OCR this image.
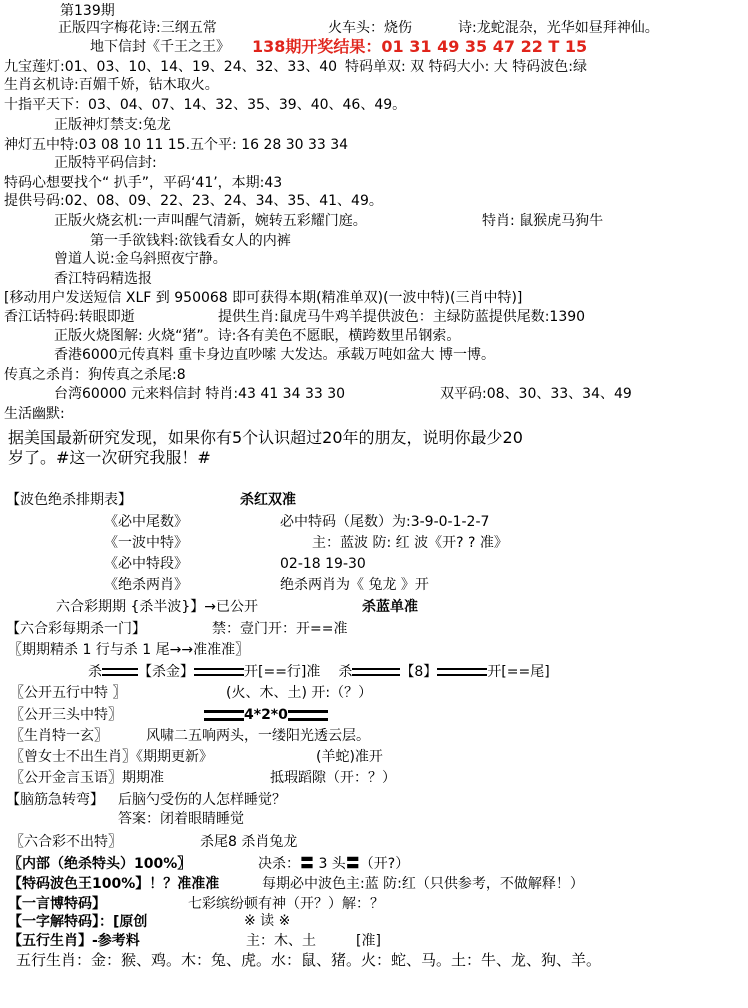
第139期
正版四字梅花诗:三纲五常	火车头：烧伤	诗:龙蛇混杂，光华如昼拜神仙。
地下信封《千王之王》 138期开奖结果：01 31 49 35 47 22 T 15
九宝莲灯:01、03、10、14、19、24、32、33、40 特码单双: 双 特码大小: 大 特码波色:绿
生肖玄机诗:百媚千娇，钻木取火。
十指平天下：03、04、07、14、32、35、39、40、46、49。
正版神灯禁支:兔龙
神灯五中特:03 08 10 11 15.五个平: 16 28 30 33 34
正版特平码信封:
特码心想要找个“ 扒手”，平码‘41’，本期:43
提供号码:02、08、09、22、23、24、34、35、41、49。
正版火烧玄机:一声叫醒气清新，婉转五彩耀门庭。	特肖: 鼠猴虎马狗牛
第一手欲钱料:欲钱看女人的内裤
曾道人说:金乌斜照夜宁静。
香江特码精选报
[移动用户发送短信 XLF 到 950068 即可获得本期(精准单双)(一波中特)(三肖中特)]
香江话特码:转眼即逝	提供生肖:鼠虎马牛鸡羊提供波色：主绿防蓝提供尾数:1390
正版火烧图解: 火烧“猪”。诗:各有美色不愿眠，横跨数里吊钢索。
香港6000元传真料 重卡身边直吵嗦 大发达。承载万吨如盆大 博一博。
传真之杀肖：狗传真之杀尾:8
台湾60000 元来料信封 特肖:43 41 34 33 30	双平码:08、30、33、34、49
生活幽默:
据美国最新研究发现，如果你有5个认识超过20年的朋友，说明你最少20
岁了。#这一次研究我服！#
【波色绝杀排期表】	杀红双准
《必中尾数》	必中特码（尾数）为:3-9-0-1-2-7
《一波中特》	主：蓝波 防: 红 波《开? ? 准》
《必中特段》	02-18 19-30
《绝杀两肖》	绝杀两肖为《 兔龙 》开
六合彩期期 {杀半波}】→已公开	杀蓝单准
【六合彩每期杀一门】	禁：壹门开：开==准
〖期期精杀 1 行与杀 1 尾→→准准准〗
杀	【杀金】	开[==行]准 杀	【8】	开[==尾]
〖公开五行中特 〗	(火、木、土) 开:（？）
〖公开三头中特〗	4*2*0
〖生肖特一玄〗	风啸二五响两头，一缕阳光透云层。
〖曾女士不出生肖〗《期期更新》	(羊蛇)准开
〖公开金言玉语〗期期准	抵瑕蹈隙（开：？）
【脑筋急转弯】 后脑勺受伤的人怎样睡觉？
答案：闭着眼睛睡觉
〖六合彩不出特〗	杀尾8 杀肖兔龙
〖内部（绝杀特头）100%〗	决杀：〓 3 头〓（开?）
【特码波色王100%】！？准准准	每期必中波色主:蓝 防:红（只供参考，不做解释！）
【一言博特码】	七彩缤纷顿有神（开？）解：？
【一字解特码】：[原创	※ 读 ※
【五行生肖】-参考料	主：木、土	[准]
五行生肖：金：猴、鸡。木：兔、虎。水：鼠、猪。火：蛇、马。土：牛、龙、狗、羊。
